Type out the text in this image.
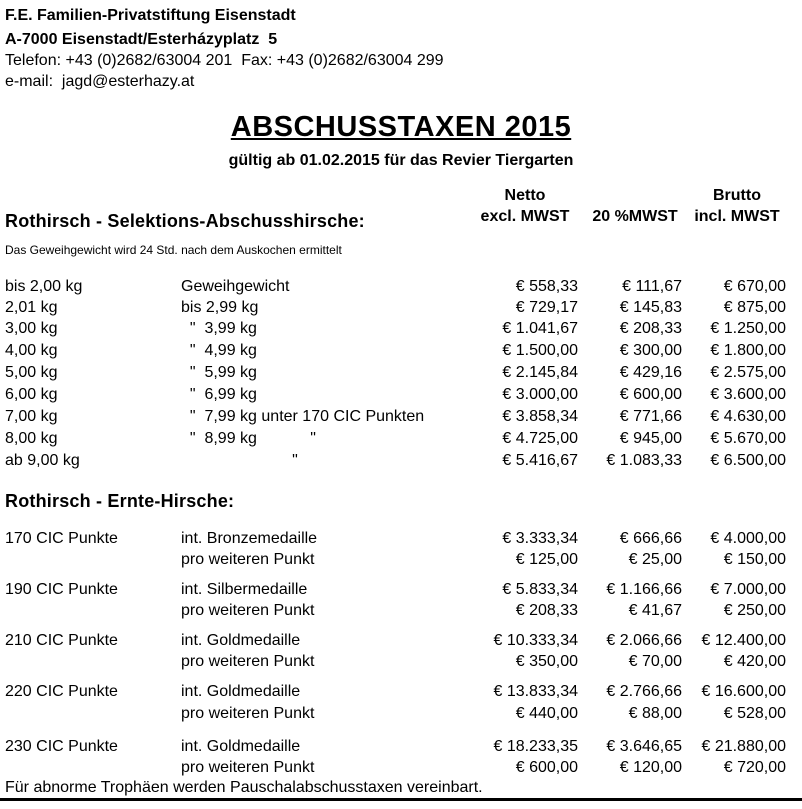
F.E. Familien-Privatstiftung Eisenstadt
A-7000 Eisenstadt/Esterházyplatz  5
Telefon: +43 (0)2682/63004 201  Fax: +43 (0)2682/63004 299
e-mail:  jagd@esterhazy.at
ABSCHUSSTAXEN 2015
gültig ab 01.02.2015 für das Revier Tiergarten
Netto
excl. MWST	20 %MWST
Brutto
incl. MWST
Rothirsch - Selektions-Abschusshirsche:
Das Geweihgewicht wird 24 Std. nach dem Auskochen ermittelt
bis 2,00 kg	Geweihgewicht	€ 558,33	€ 111,67	€ 670,00
2,01 kg	bis 2,99 kg	€ 729,17	€ 145,83	€ 875,00
3,00 kg	"  3,99 kg	€ 1.041,67	€ 208,33	€ 1.250,00
4,00 kg	"  4,99 kg	€ 1.500,00	€ 300,00	€ 1.800,00
5,00 kg	"  5,99 kg	€ 2.145,84	€ 429,16	€ 2.575,00
6,00 kg	"  6,99 kg	€ 3.000,00	€ 600,00	€ 3.600,00
7,00 kg	"  7,99 kg unter 170 CIC Punkten	€ 3.858,34	€ 771,66	€ 4.630,00
8,00 kg	"  8,99 kg            "	€ 4.725,00	€ 945,00	€ 5.670,00
ab 9,00 kg	"	€ 5.416,67	€ 1.083,33	€ 6.500,00
Rothirsch - Ernte-Hirsche:
170 CIC Punkte	int. Bronzemedaille	€ 3.333,34	€ 666,66	€ 4.000,00
pro weiteren Punkt	€ 125,00	€ 25,00	€ 150,00
190 CIC Punkte	int. Silbermedaille	€ 5.833,34	€ 1.166,66	€ 7.000,00
pro weiteren Punkt	€ 208,33	€ 41,67	€ 250,00
210 CIC Punkte	int. Goldmedaille	€ 10.333,34	€ 2.066,66	€ 12.400,00
pro weiteren Punkt	€ 350,00	€ 70,00	€ 420,00
220 CIC Punkte	int. Goldmedaille	€ 13.833,34	€ 2.766,66	€ 16.600,00
pro weiteren Punkt	€ 440,00	€ 88,00	€ 528,00
230 CIC Punkte	int. Goldmedaille	€ 18.233,35	€ 3.646,65	€ 21.880,00
pro weiteren Punkt	€ 600,00	€ 120,00	€ 720,00
Für abnorme Trophäen werden Pauschalabschusstaxen vereinbart.
